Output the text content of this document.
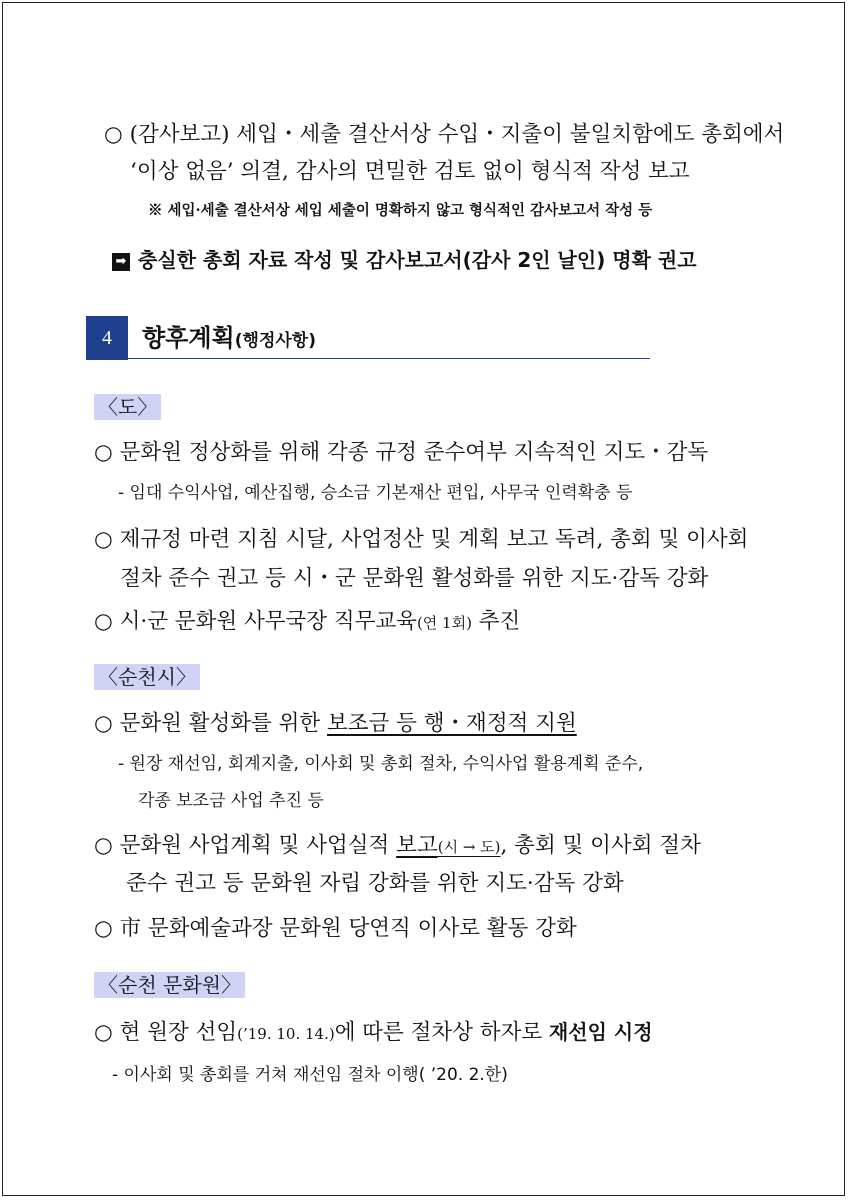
○ (감사보고) 세입・세출 결산서상 수입・지출이 불일치함에도 총회에서
‘이상 없음’ 의결, 감사의 면밀한 검토 없이 형식적 작성 보고
※ 세입·세출 결산서상 세입 세출이 명확하지 않고 형식적인 감사보고서 작성 등
➡ 충실한 총회 자료 작성 및 감사보고서(감사 2인 날인) 명확 권고
4	향후계획(행정사항)
〈도〉
○ 문화원 정상화를 위해 각종 규정 준수여부 지속적인 지도・감독
- 임대 수익사업, 예산집행, 승소금 기본재산 편입, 사무국 인력확충 등
○ 제규정 마련 지침 시달, 사업정산 및 계획 보고 독려, 총회 및 이사회
절차 준수 권고 등 시・군 문화원 활성화를 위한 지도·감독 강화
○ 시·군 문화원 사무국장 직무교육(연 1회) 추진
〈순천시〉
○ 문화원 활성화를 위한 보조금 등 행・재정적 지원
- 원장 재선임, 회계지출, 이사회 및 총회 절차, 수익사업 활용계획 준수,
각종 보조금 사업 추진 등
○ 문화원 사업계획 및 사업실적 보고(시 → 도), 총회 및 이사회 절차
준수 권고 등 문화원 자립 강화를 위한 지도·감독 강화
○ 市 문화예술과장 문화원 당연직 이사로 활동 강화
〈순천 문화원〉
○ 현 원장 선임(’19. 10. 14.)에 따른 절차상 하자로 재선임 시정
- 이사회 및 총회를 거쳐 재선임 절차 이행( ’20. 2.한)
